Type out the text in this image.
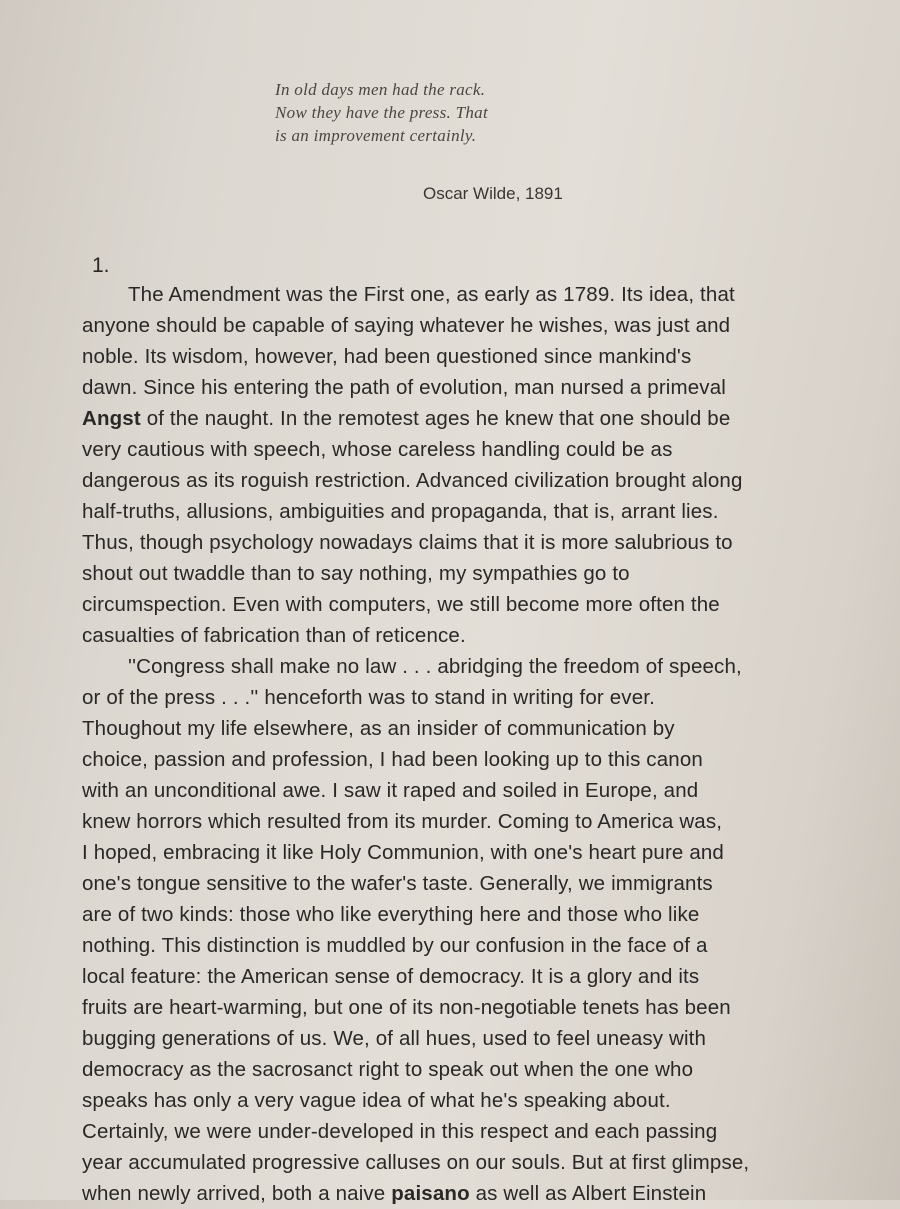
In old days men had the rack.
Now they have the press. That
is an improvement certainly.
Oscar Wilde, 1891
1.
The Amendment was the First one, as early as 1789. Its idea, that
anyone should be capable of saying whatever he wishes, was just and
noble. Its wisdom, however, had been questioned since mankind's
dawn. Since his entering the path of evolution, man nursed a primeval
Angst of the naught. In the remotest ages he knew that one should be
very cautious with speech, whose careless handling could be as
dangerous as its roguish restriction. Advanced civilization brought along
half-truths, allusions, ambiguities and propaganda, that is, arrant lies.
Thus, though psychology nowadays claims that it is more salubrious to
shout out twaddle than to say nothing, my sympathies go to
circumspection. Even with computers, we still become more often the
casualties of fabrication than of reticence.
''Congress shall make no law . . . abridging the freedom of speech,
or of the press . . .'' henceforth was to stand in writing for ever.
Thoughout my life elsewhere, as an insider of communication by
choice, passion and profession, I had been looking up to this canon
with an unconditional awe. I saw it raped and soiled in Europe, and
knew horrors which resulted from its murder. Coming to America was,
I hoped, embracing it like Holy Communion, with one's heart pure and
one's tongue sensitive to the wafer's taste. Generally, we immigrants
are of two kinds: those who like everything here and those who like
nothing. This distinction is muddled by our confusion in the face of a
local feature: the American sense of democracy. It is a glory and its
fruits are heart-warming, but one of its non-negotiable tenets has been
bugging generations of us. We, of all hues, used to feel uneasy with
democracy as the sacrosanct right to speak out when the one who
speaks has only a very vague idea of what he's speaking about.
Certainly, we were under-developed in this respect and each passing
year accumulated progressive calluses on our souls. But at first glimpse,
when newly arrived, both a naive paisano as well as Albert Einstein
